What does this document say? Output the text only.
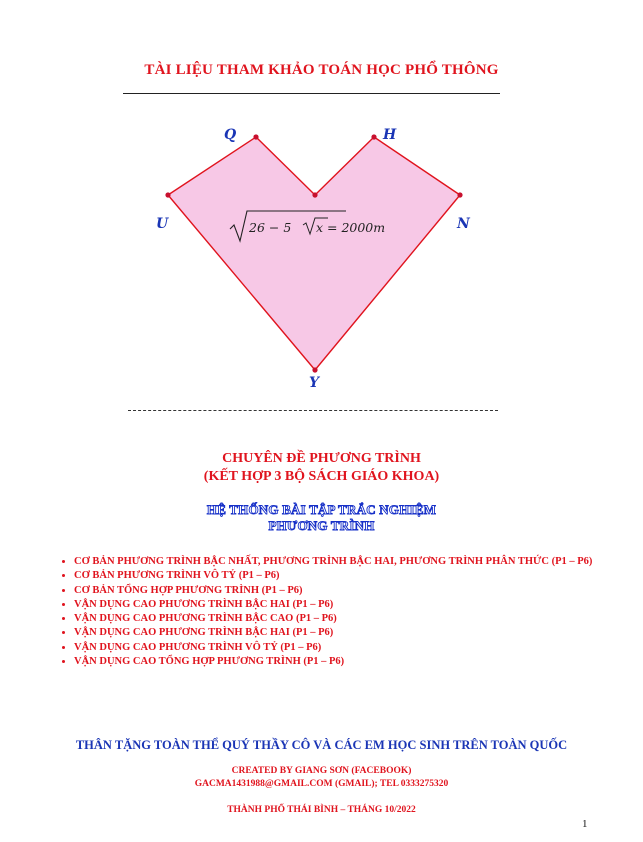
TÀI LIỆU THAM KHẢO TOÁN HỌC PHỔ THÔNG
Q	H
U	N
Y
26 − 5 x = 2000m
CHUYÊN ĐỀ PHƯƠNG TRÌNH
(KẾT HỢP 3 BỘ SÁCH GIÁO KHOA)
HỆ THỐNG BÀI TẬP TRẮC NGHIỆM
PHƯƠNG TRÌNH
• CƠ BẢN PHƯƠNG TRÌNH BẬC NHẤT, PHƯƠNG TRÌNH BẬC HAI, PHƯƠNG TRÌNH PHÂN THỨC (P1 – P6)
• CƠ BẢN PHƯƠNG TRÌNH VÔ TỶ (P1 – P6)
• CƠ BẢN TỔNG HỢP PHƯƠNG TRÌNH (P1 – P6)
• VẬN DỤNG CAO PHƯƠNG TRÌNH BẬC HAI (P1 – P6)
• VẬN DỤNG CAO PHƯƠNG TRÌNH BẬC CAO (P1 – P6)
• VẬN DỤNG CAO PHƯƠNG TRÌNH BẬC HAI (P1 – P6)
• VẬN DỤNG CAO PHƯƠNG TRÌNH VÔ TỶ (P1 – P6)
• VẬN DỤNG CAO TỔNG HỢP PHƯƠNG TRÌNH (P1 – P6)
THÂN TẶNG TOÀN THỂ QUÝ THẦY CÔ VÀ CÁC EM HỌC SINH TRÊN TOÀN QUỐC
CREATED BY GIANG SƠN (FACEBOOK)
GACMA1431988@GMAIL.COM (GMAIL); TEL 0333275320
THÀNH PHỐ THÁI BÌNH – THÁNG 10/2022
1
